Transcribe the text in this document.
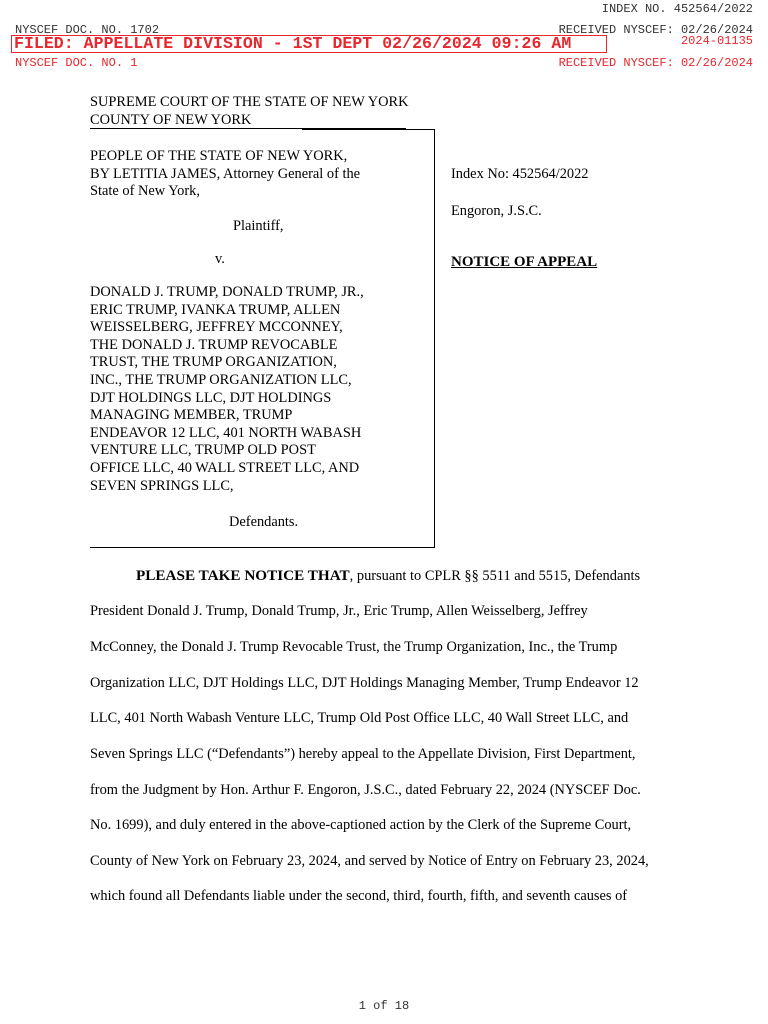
INDEX NO. 452564/2022
NYSCEF DOC. NO. 1702	RECEIVED NYSCEF: 02/26/2024
FILED: APPELLATE DIVISION - 1ST DEPT 02/26/2024 09:26 AM	2024-01135
NYSCEF DOC. NO. 1	RECEIVED NYSCEF: 02/26/2024
SUPREME COURT OF THE STATE OF NEW YORK
COUNTY OF NEW YORK
PEOPLE OF THE STATE OF NEW YORK,
BY LETITIA JAMES, Attorney General of the
State of New York,
Plaintiff,
v.
DONALD J. TRUMP, DONALD TRUMP, JR.,
ERIC TRUMP, IVANKA TRUMP, ALLEN
WEISSELBERG, JEFFREY MCCONNEY,
THE DONALD J. TRUMP REVOCABLE
TRUST, THE TRUMP ORGANIZATION,
INC., THE TRUMP ORGANIZATION LLC,
DJT HOLDINGS LLC, DJT HOLDINGS
MANAGING MEMBER, TRUMP
ENDEAVOR 12 LLC, 401 NORTH WABASH
VENTURE LLC, TRUMP OLD POST
OFFICE LLC, 40 WALL STREET LLC, AND
SEVEN SPRINGS LLC,
Defendants.
Index No: 452564/2022
Engoron, J.S.C.
NOTICE OF APPEAL
PLEASE TAKE NOTICE THAT, pursuant to CPLR §§ 5511 and 5515, Defendants
President Donald J. Trump, Donald Trump, Jr., Eric Trump, Allen Weisselberg, Jeffrey
McConney, the Donald J. Trump Revocable Trust, the Trump Organization, Inc., the Trump
Organization LLC, DJT Holdings LLC, DJT Holdings Managing Member, Trump Endeavor 12
LLC, 401 North Wabash Venture LLC, Trump Old Post Office LLC, 40 Wall Street LLC, and
Seven Springs LLC (“Defendants”) hereby appeal to the Appellate Division, First Department,
from the Judgment by Hon. Arthur F. Engoron, J.S.C., dated February 22, 2024 (NYSCEF Doc.
No. 1699), and duly entered in the above-captioned action by the Clerk of the Supreme Court,
County of New York on February 23, 2024, and served by Notice of Entry on February 23, 2024,
which found all Defendants liable under the second, third, fourth, fifth, and seventh causes of
1 of 18
